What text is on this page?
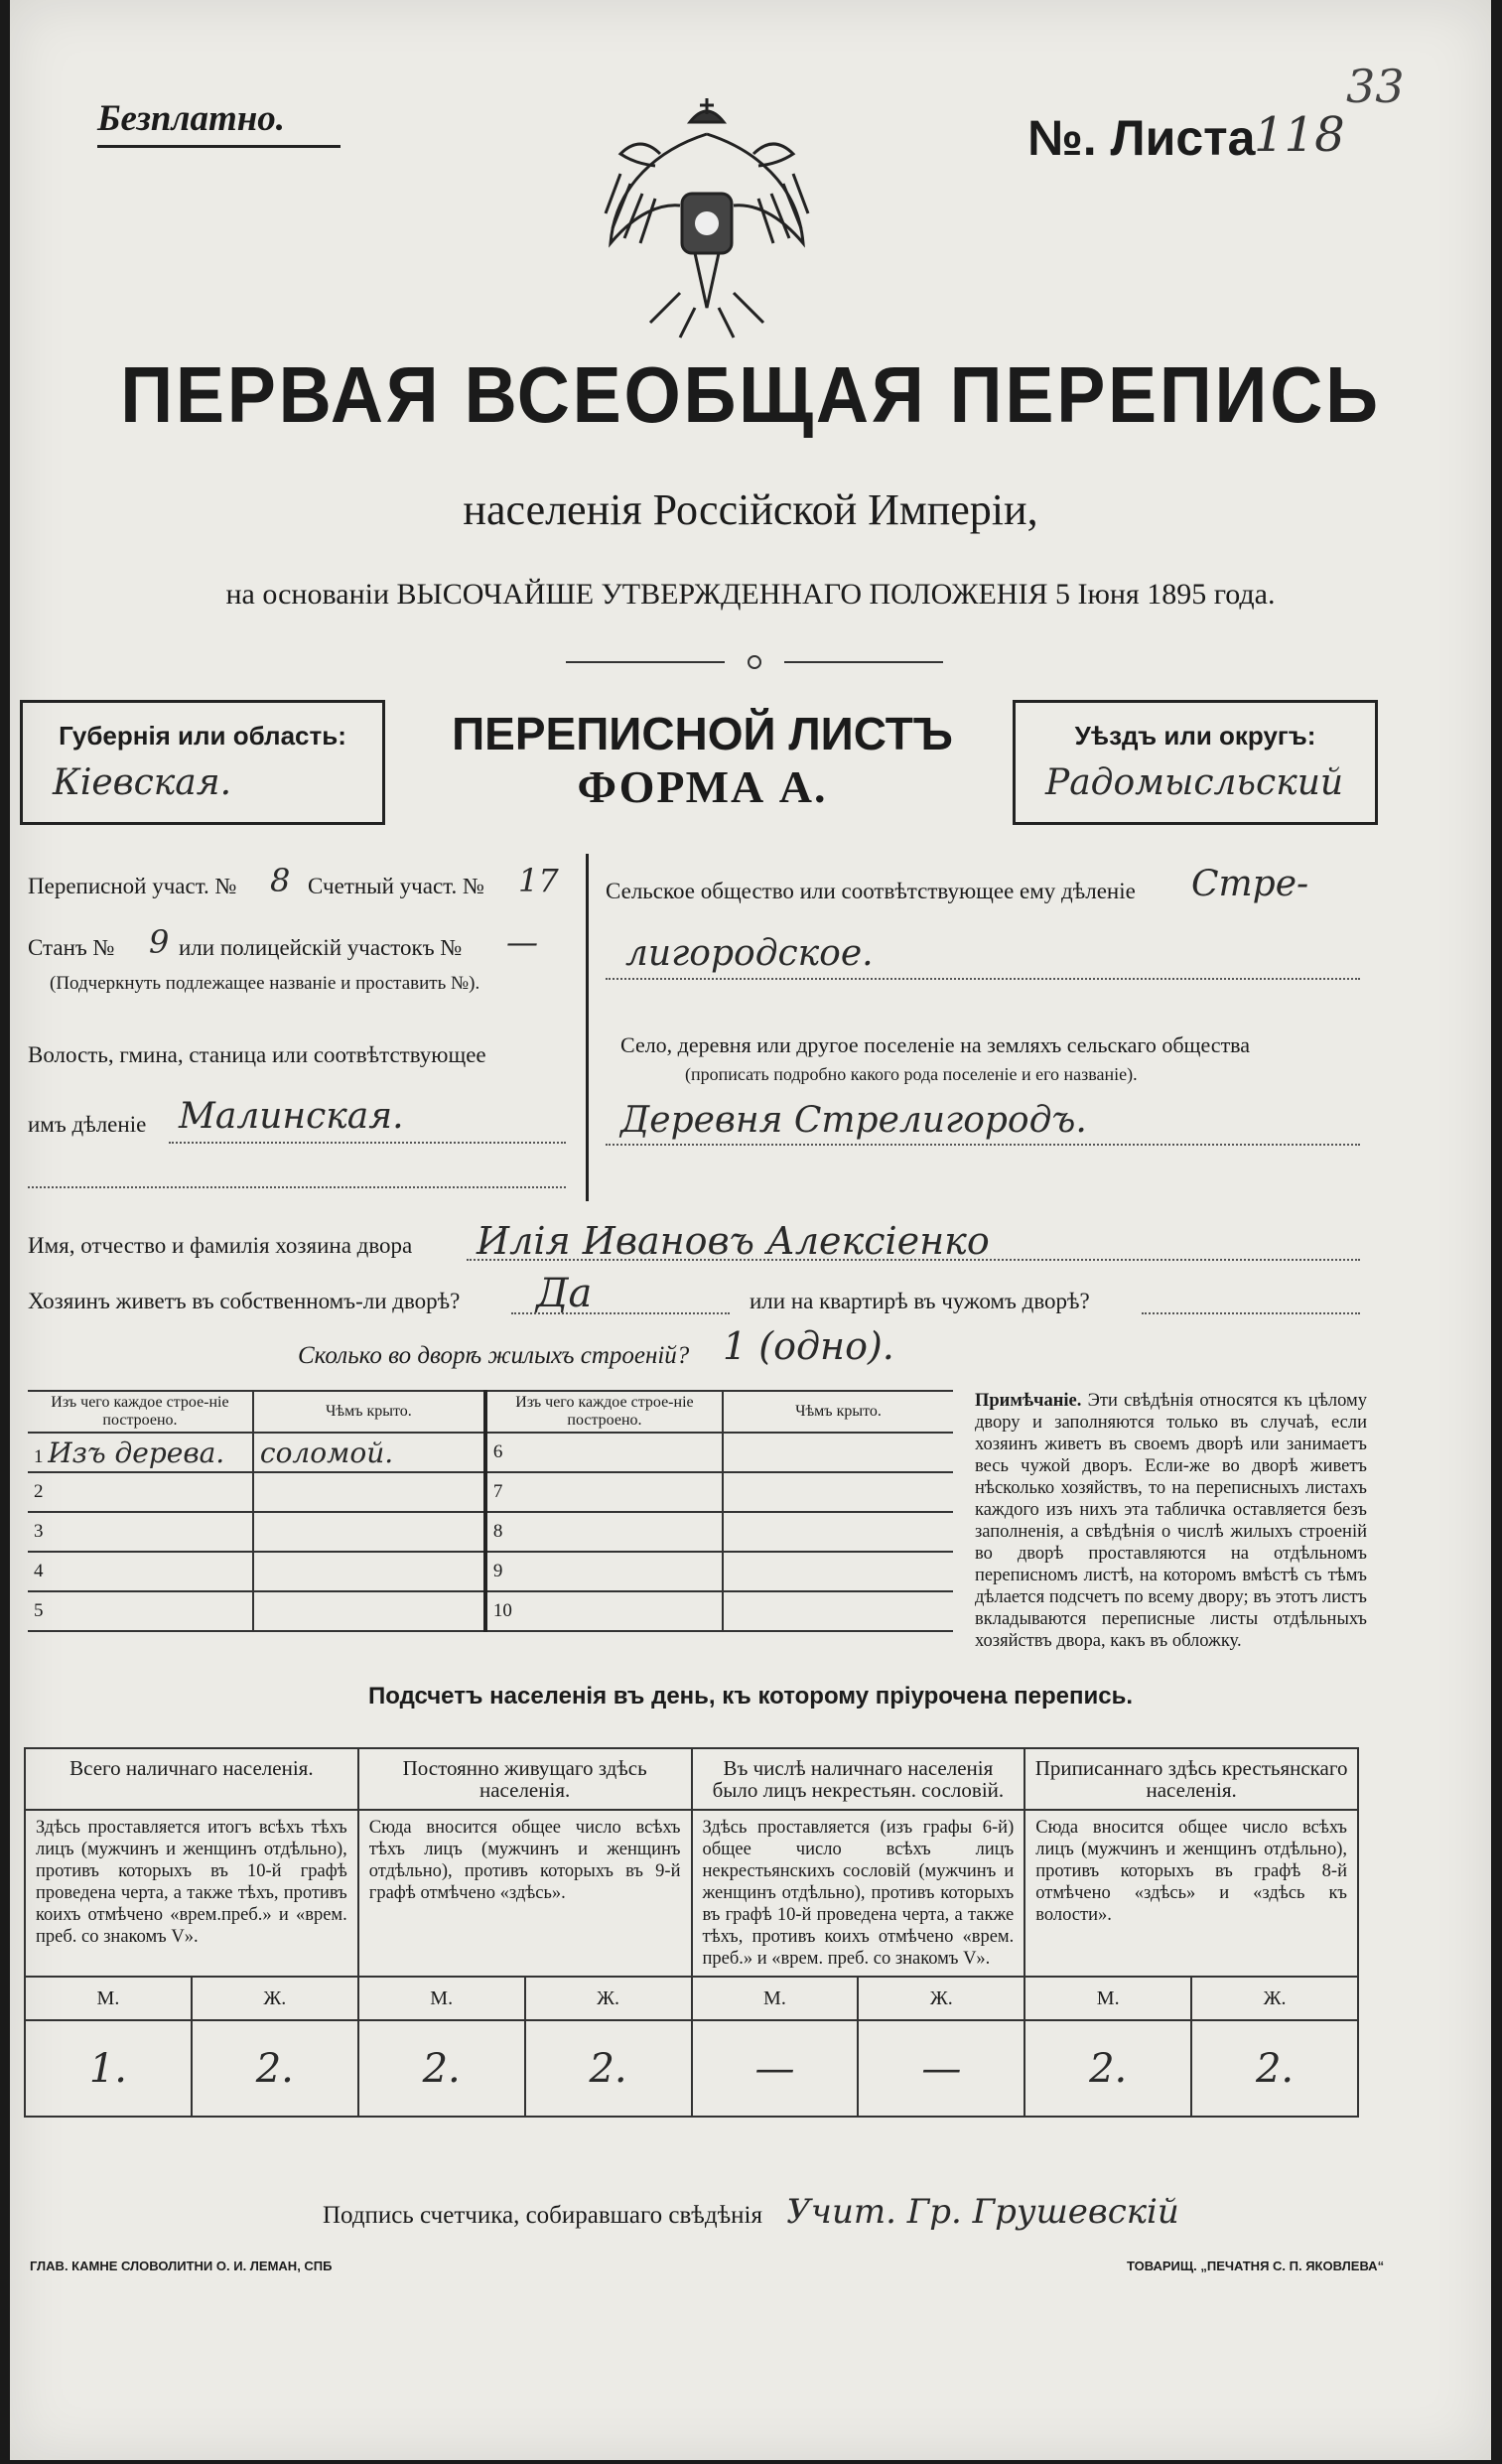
Безплатно.	№. Листа
118
33
ПЕРВАЯ ВСЕОБЩАЯ ПЕРЕПИСЬ
населенія Россійской Имперіи,
на основаніи ВЫСОЧАЙШЕ УТВЕРЖДЕННАГО ПОЛОЖЕНІЯ 5 Іюня 1895 года.
Губернія или область:
Кіевская.
ПЕРЕПИСНОЙ ЛИСТЪ
ФОРМА А.
Уѣздъ или округъ:
Радомысльский
Переписной участ. № 8 Счетный участ. № 17
Станъ № 9 или полицейскій участокъ № —
(Подчеркнуть подлежащее названіе и проставить №).
Волость, гмина, станица или соотвѣтствующее
имъ дѣленіе Малинская.
Сельское общество или соотвѣтствующее ему дѣленіе Стре-
лигородское.
Село, деревня или другое поселеніе на земляхъ сельскаго общества
(прописать подробно какого рода поселеніе и его названіе).
Деревня Стрелигородъ.
Имя, отчество и фамилія хозяина двора Илія Ивановъ Алексіенко
Хозяинъ живетъ въ собственномъ-ли дворѣ? Да	или на квартирѣ въ чужомъ дворѣ?
Сколько во дворѣ жилыхъ строеній? 1 (одно).
Изъ чего каждое строе-ніе построено.	Чѣмъ крыто.	Изъ чего каждое строе-ніе построено.	Чѣмъ крыто.
1 Изъ дерева.	соломой.	6	
2		7	
3		8	
4		9	
5		10	
Примѣчаніе. Эти свѣдѣнія относятся къ цѣлому двору и заполняются только въ случаѣ, если хозяинъ живетъ въ своемъ дворѣ или занимаетъ весь чужой дворъ. Если-же во дворѣ живетъ нѣсколько хозяйствъ, то на переписныхъ листахъ каждого изъ нихъ эта табличка оставляется безъ заполненія, а свѣдѣнія о числѣ жилыхъ строеній во дворѣ проставляются на отдѣльномъ переписномъ листѣ, на которомъ вмѣстѣ съ тѣмъ дѣлается подсчетъ по всему двору; въ этотъ листъ вкладываются переписные листы отдѣльныхъ хозяйствъ двора, какъ въ обложку.
Подсчетъ населенія въ день, къ которому пріурочена перепись.
Всего наличнаго населенія.		Постоянно живущаго здѣсь населенія.		Въ числѣ наличнаго населенія было лицъ некрестьян. сословій.		Приписаннаго здѣсь крестьянскаго населенія.	
Здѣсь проставляется итогъ всѣхъ тѣхъ лицъ (мужчинъ и женщинъ отдѣльно), противъ которыхъ въ 10-й графѣ проведена черта, а также тѣхъ, противъ коихъ отмѣчено «врем.преб.» и «врем. преб. со знакомъ V».		Сюда вносится общее число всѣхъ тѣхъ лицъ (мужчинъ и женщинъ отдѣльно), противъ которыхъ въ 9-й графѣ отмѣчено «здѣсь».		Здѣсь проставляется (изъ графы 6-й) общее число всѣхъ лицъ некрестьянскихъ сословій (мужчинъ и женщинъ отдѣльно), противъ которыхъ въ графѣ 10-й проведена черта, а также тѣхъ, противъ коихъ отмѣчено «врем. преб.» и «врем. преб. со знакомъ V».		Сюда вносится общее число всѣхъ лицъ (мужчинъ и женщинъ отдѣльно), противъ которыхъ въ графѣ 8-й отмѣчено «здѣсь» и «здѣсь къ волости».	
М.	Ж.	М.	Ж.	М.	Ж.	М.	Ж.
1.	2.	2.	2.	—	—	2.	2.
Подпись счетчика, собиравшаго свѣдѣнія Учит. Гр. Грушевскій
ГЛАВ. КАМНЕ СЛОВОЛИТНИ О. И. ЛЕМАН, СПБ	ТОВАРИЩ. „ПЕЧАТНЯ С. П. ЯКОВЛЕВА“
